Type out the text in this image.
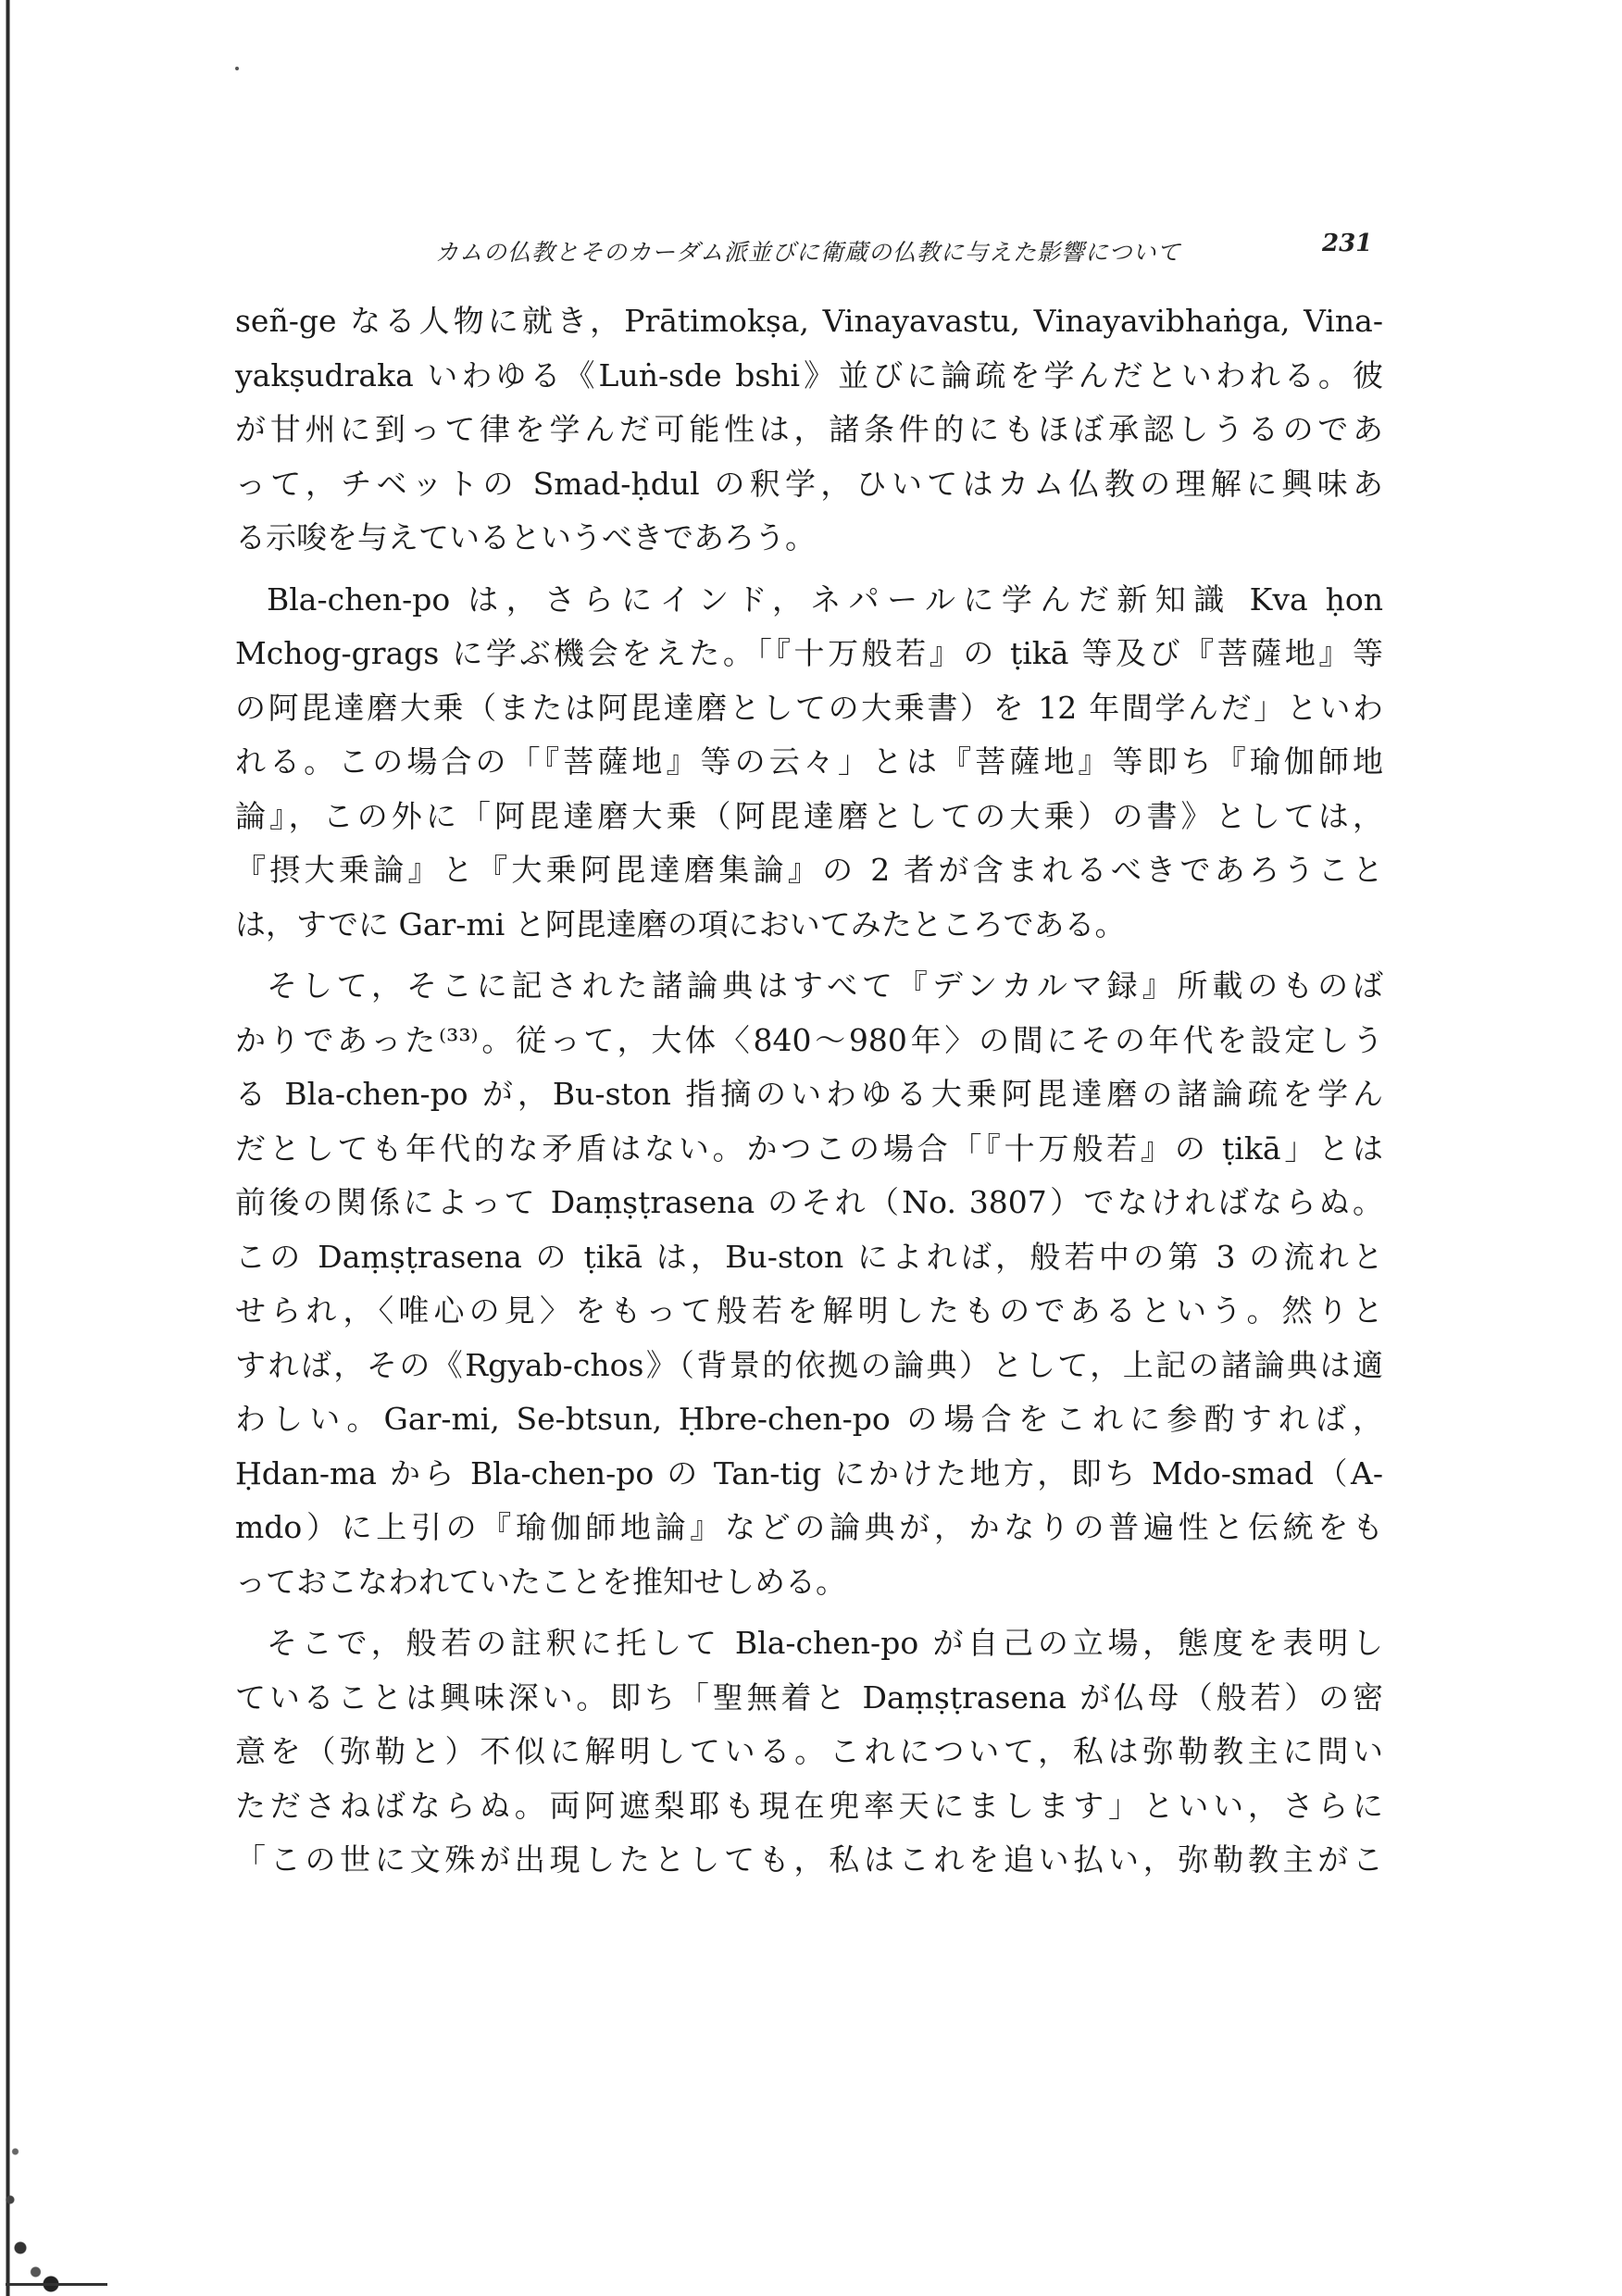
カムの仏教とそのカーダム派並びに衛蔵の仏教に与えた影響について	231
señ-ge なる人物に就き，Prātimokṣa, Vinayavastu, Vinayavibhaṅga, Vina-
yakṣudraka いわゆる《Luṅ-sde bshi》並びに論疏を学んだといわれる。彼
が甘州に到って律を学んだ可能性は，諸条件的にもほぼ承認しうるのであ
って，チベットの Smad-ḥdul の釈学，ひいてはカム仏教の理解に興味あ
る示唆を与えているというべきであろう。
Bla-chen-po は，さらにインド，ネパールに学んだ新知識 Kva ḥon
Mchog-grags に学ぶ機会をえた。「『十万般若』の ṭikā 等及び『菩薩地』等
の阿毘達磨大乗（または阿毘達磨としての大乗書）を 12 年間学んだ」といわ
れる。この場合の「『菩薩地』等の云々」とは『菩薩地』等即ち『瑜伽師地
論』，この外に「阿毘達磨大乗（阿毘達磨としての大乗）の書》としては，
『摂大乗論』と『大乗阿毘達磨集論』の 2 者が含まれるべきであろうこと
は，すでに Gar-mi と阿毘達磨の項においてみたところである。
そして，そこに記された諸論典はすべて『デンカルマ録』所載のものば
かりであった⁽³³⁾。従って，大体〈840～980年〉の間にその年代を設定しう
る Bla-chen-po が，Bu-ston 指摘のいわゆる大乗阿毘達磨の諸論疏を学ん
だとしても年代的な矛盾はない。かつこの場合「『十万般若』の ṭikā」とは
前後の関係によって Daṃṣṭrasena のそれ（No. 3807）でなければならぬ。
この Daṃṣṭrasena の ṭikā は，Bu-ston によれば，般若中の第 3 の流れと
せられ，〈唯心の見〉をもって般若を解明したものであるという。然りと
すれば，その《Rgyab-chos》（背景的依拠の論典）として，上記の諸論典は適
わしい。Gar-mi, Se-btsun, Ḥbre-chen-po の場合をこれに参酌すれば，
Ḥdan-ma から Bla-chen-po の Tan-tig にかけた地方，即ち Mdo-smad（A-
mdo）に上引の『瑜伽師地論』などの論典が，かなりの普遍性と伝統をも
っておこなわれていたことを推知せしめる。
そこで，般若の註釈に托して Bla-chen-po が自己の立場，態度を表明し
ていることは興味深い。即ち「聖無着と Daṃṣṭrasena が仏母（般若）の密
意を（弥勒と）不似に解明している。これについて，私は弥勒教主に問い
たださねばならぬ。両阿遮梨耶も現在兜率天にまします」といい，さらに
「この世に文殊が出現したとしても，私はこれを追い払い，弥勒教主がこ
